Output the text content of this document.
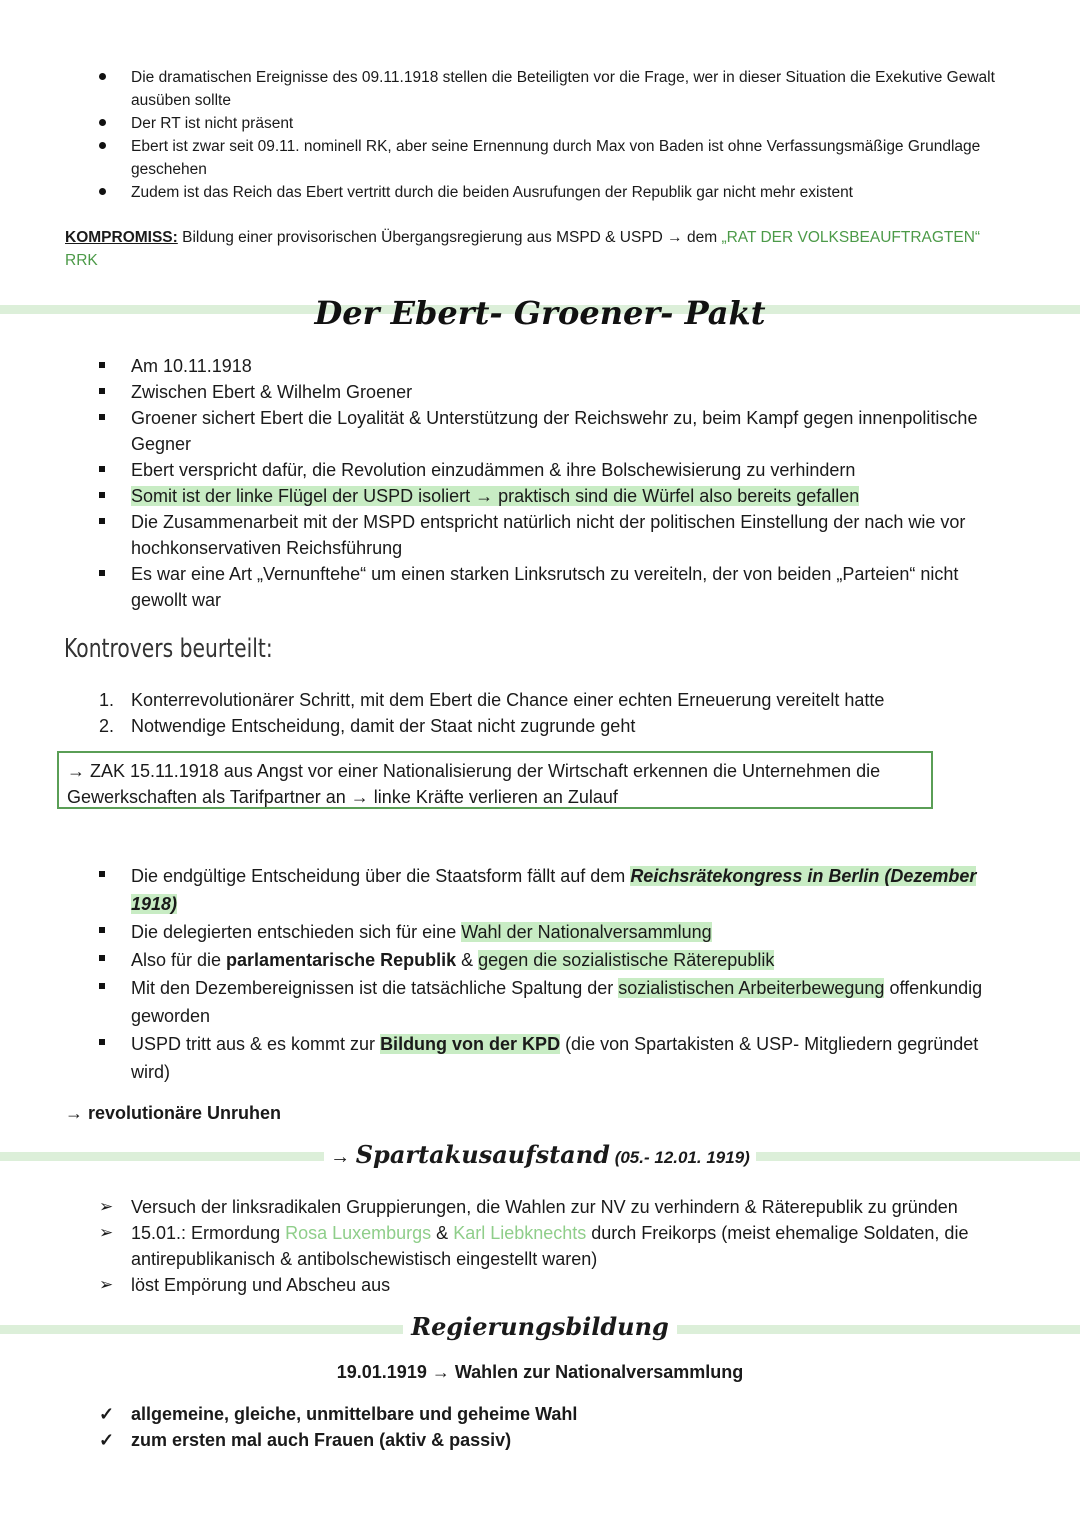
Die dramatischen Ereignisse des 09.11.1918 stellen die Beteiligten vor die Frage, wer in dieser Situation die Exekutive Gewalt ausüben sollte
Der RT ist nicht präsent
Ebert ist zwar seit 09.11. nominell RK, aber seine Ernennung durch Max von Baden ist ohne Verfassungsmäßige Grundlage geschehen
Zudem ist das Reich das Ebert vertritt durch die beiden Ausrufungen der Republik gar nicht mehr existent
KOMPROMISS: Bildung einer provisorischen Übergangsregierung aus MSPD & USPD → dem „RAT DER VOLKSBEAUFTRAGTEN“
RRK
Der Ebert- Groener- Pakt
Am 10.11.1918
Zwischen Ebert & Wilhelm Groener
Groener sichert Ebert die Loyalität & Unterstützung der Reichswehr zu, beim Kampf gegen innenpolitische Gegner
Ebert verspricht dafür, die Revolution einzudämmen & ihre Bolschewisierung zu verhindern
Somit ist der linke Flügel der USPD isoliert → praktisch sind die Würfel also bereits gefallen
Die Zusammenarbeit mit der MSPD entspricht natürlich nicht der politischen Einstellung der nach wie vor hochkonservativen Reichsführung
Es war eine Art „Vernunftehe“ um einen starken Linksrutsch zu vereiteln, der von beiden „Parteien“ nicht gewollt war
Kontrovers beurteilt:
1. Konterrevolutionärer Schritt, mit dem Ebert die Chance einer echten Erneuerung vereitelt hatte
2. Notwendige Entscheidung, damit der Staat nicht zugrunde geht
→ ZAK 15.11.1918 aus Angst vor einer Nationalisierung der Wirtschaft erkennen die Unternehmen die Gewerkschaften als Tarifpartner an → linke Kräfte verlieren an Zulauf
Die endgültige Entscheidung über die Staatsform fällt auf dem Reichsrätekongress in Berlin (Dezember 1918)
Die delegierten entschieden sich für eine Wahl der Nationalversammlung
Also für die parlamentarische Republik & gegen die sozialistische Räterepublik
Mit den Dezembereignissen ist die tatsächliche Spaltung der sozialistischen Arbeiterbewegung offenkundig geworden
USPD tritt aus & es kommt zur Bildung von der KPD (die von Spartakisten & USP- Mitgliedern gegründet wird)
→ revolutionäre Unruhen
→ Spartakusaufstand (05.- 12.01. 1919)
➢ Versuch der linksradikalen Gruppierungen, die Wahlen zur NV zu verhindern & Räterepublik zu gründen
➢ 15.01.: Ermordung Rosa Luxemburgs & Karl Liebknechts durch Freikorps (meist ehemalige Soldaten, die antirepublikanisch & antibolschewistisch eingestellt waren)
➢ löst Empörung und Abscheu aus
Regierungsbildung
19.01.1919 → Wahlen zur Nationalversammlung
✓ allgemeine, gleiche, unmittelbare und geheime Wahl
✓ zum ersten mal auch Frauen (aktiv & passiv)
